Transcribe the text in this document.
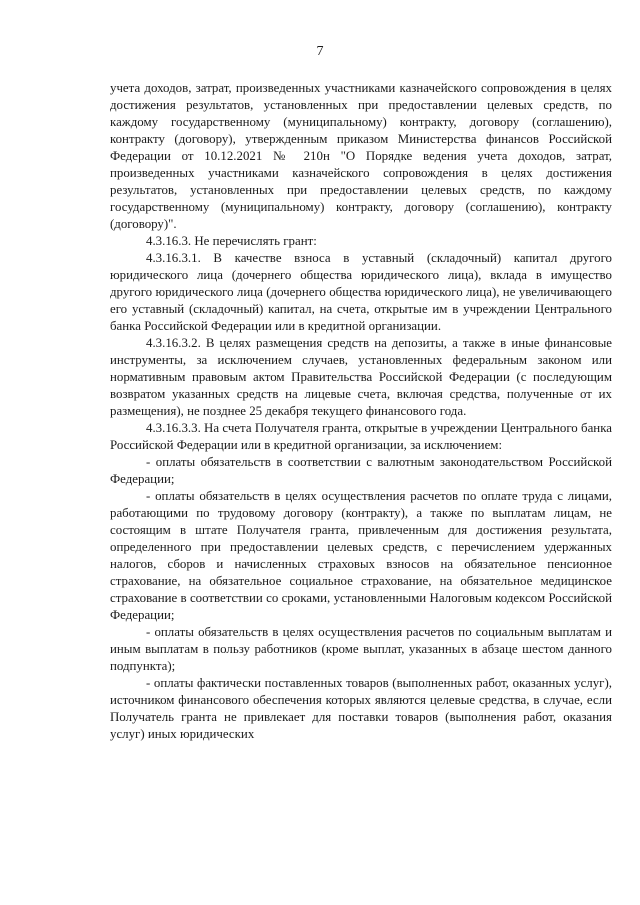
7

учета доходов, затрат, произведенных участниками казначейского сопровождения в целях достижения результатов, установленных при предоставлении целевых средств, по каждому государственному (муниципальному) контракту, договору (соглашению), контракту (договору), утвержденным приказом Министерства финансов Российской Федерации от 10.12.2021 № 210н "О Порядке ведения учета доходов, затрат, произведенных участниками казначейского сопровождения в целях достижения результатов, установленных при предоставлении целевых средств, по каждому государственному (муниципальному) контракту, договору (соглашению), контракту (договору)".

4.3.16.3. Не перечислять грант:

4.3.16.3.1. В качестве взноса в уставный (складочный) капитал другого юридического лица (дочернего общества юридического лица), вклада в имущество другого юридического лица (дочернего общества юридического лица), не увеличивающего его уставный (складочный) капитал, на счета, открытые им в учреждении Центрального банка Российской Федерации или в кредитной организации.

4.3.16.3.2. В целях размещения средств на депозиты, а также в иные финансовые инструменты, за исключением случаев, установленных федеральным законом или нормативным правовым актом Правительства Российской Федерации (с последующим возвратом указанных средств на лицевые счета, включая средства, полученные от их размещения), не позднее 25 декабря текущего финансового года.

4.3.16.3.3. На счета Получателя гранта, открытые в учреждении Центрального банка Российской Федерации или в кредитной организации, за исключением:

- оплаты обязательств в соответствии с валютным законодательством Российской Федерации;

- оплаты обязательств в целях осуществления расчетов по оплате труда с лицами, работающими по трудовому договору (контракту), а также по выплатам лицам, не состоящим в штате Получателя гранта, привлеченным для достижения результата, определенного при предоставлении целевых средств, с перечислением удержанных налогов, сборов и начисленных страховых взносов на обязательное пенсионное страхование, на обязательное социальное страхование, на обязательное медицинское страхование в соответствии со сроками, установленными Налоговым кодексом Российской Федерации;

- оплаты обязательств в целях осуществления расчетов по социальным выплатам и иным выплатам в пользу работников (кроме выплат, указанных в абзаце шестом данного подпункта);

- оплаты фактически поставленных товаров (выполненных работ, оказанных услуг), источником финансового обеспечения которых являются целевые средства, в случае, если Получатель гранта не привлекает для поставки товаров (выполнения работ, оказания услуг) иных юридических
